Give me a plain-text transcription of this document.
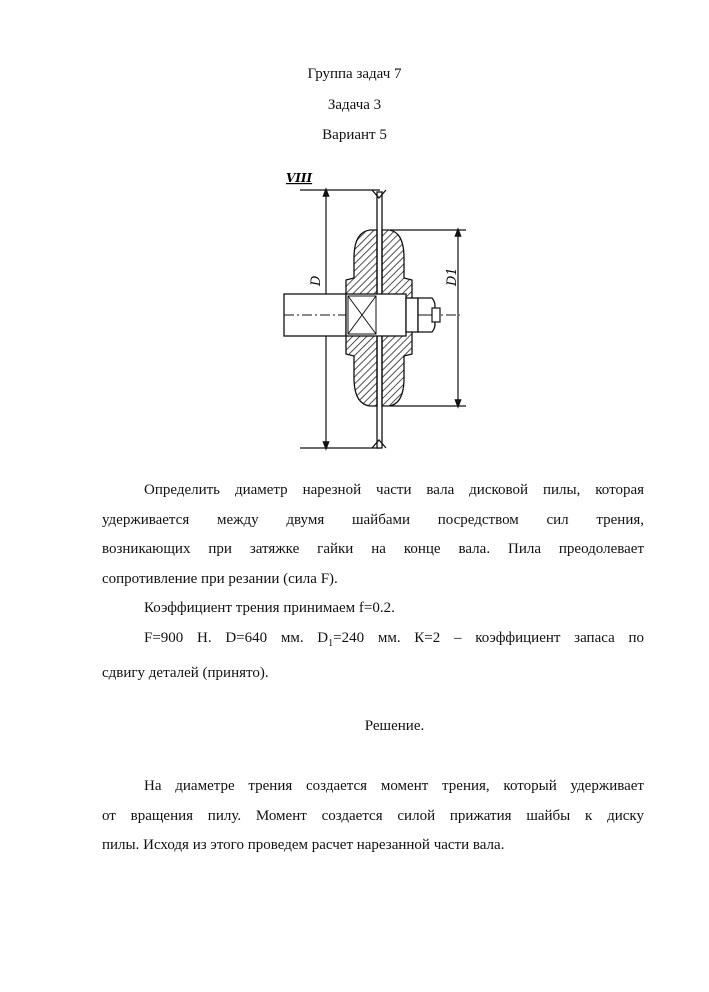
Группа задач 7
Задача 3
Вариант 5
VIII
D	D1
Определить диаметр нарезной части вала дисковой пилы, которая
удерживается между двумя шайбами посредством сил трения,
возникающих при затяжке гайки на конце вала. Пила преодолевает
сопротивление при резании (сила F).
Коэффициент трения принимаем f=0.2.
F=900 Н. D=640 мм. $D_1=240$ мм. К=2 – коэффициент запаса по
сдвигу деталей (принято).
Решение.
На диаметре трения создается момент трения, который удерживает
от вращения пилу. Момент создается силой прижатия шайбы к диску
пилы. Исходя из этого проведем расчет нарезанной части вала.
